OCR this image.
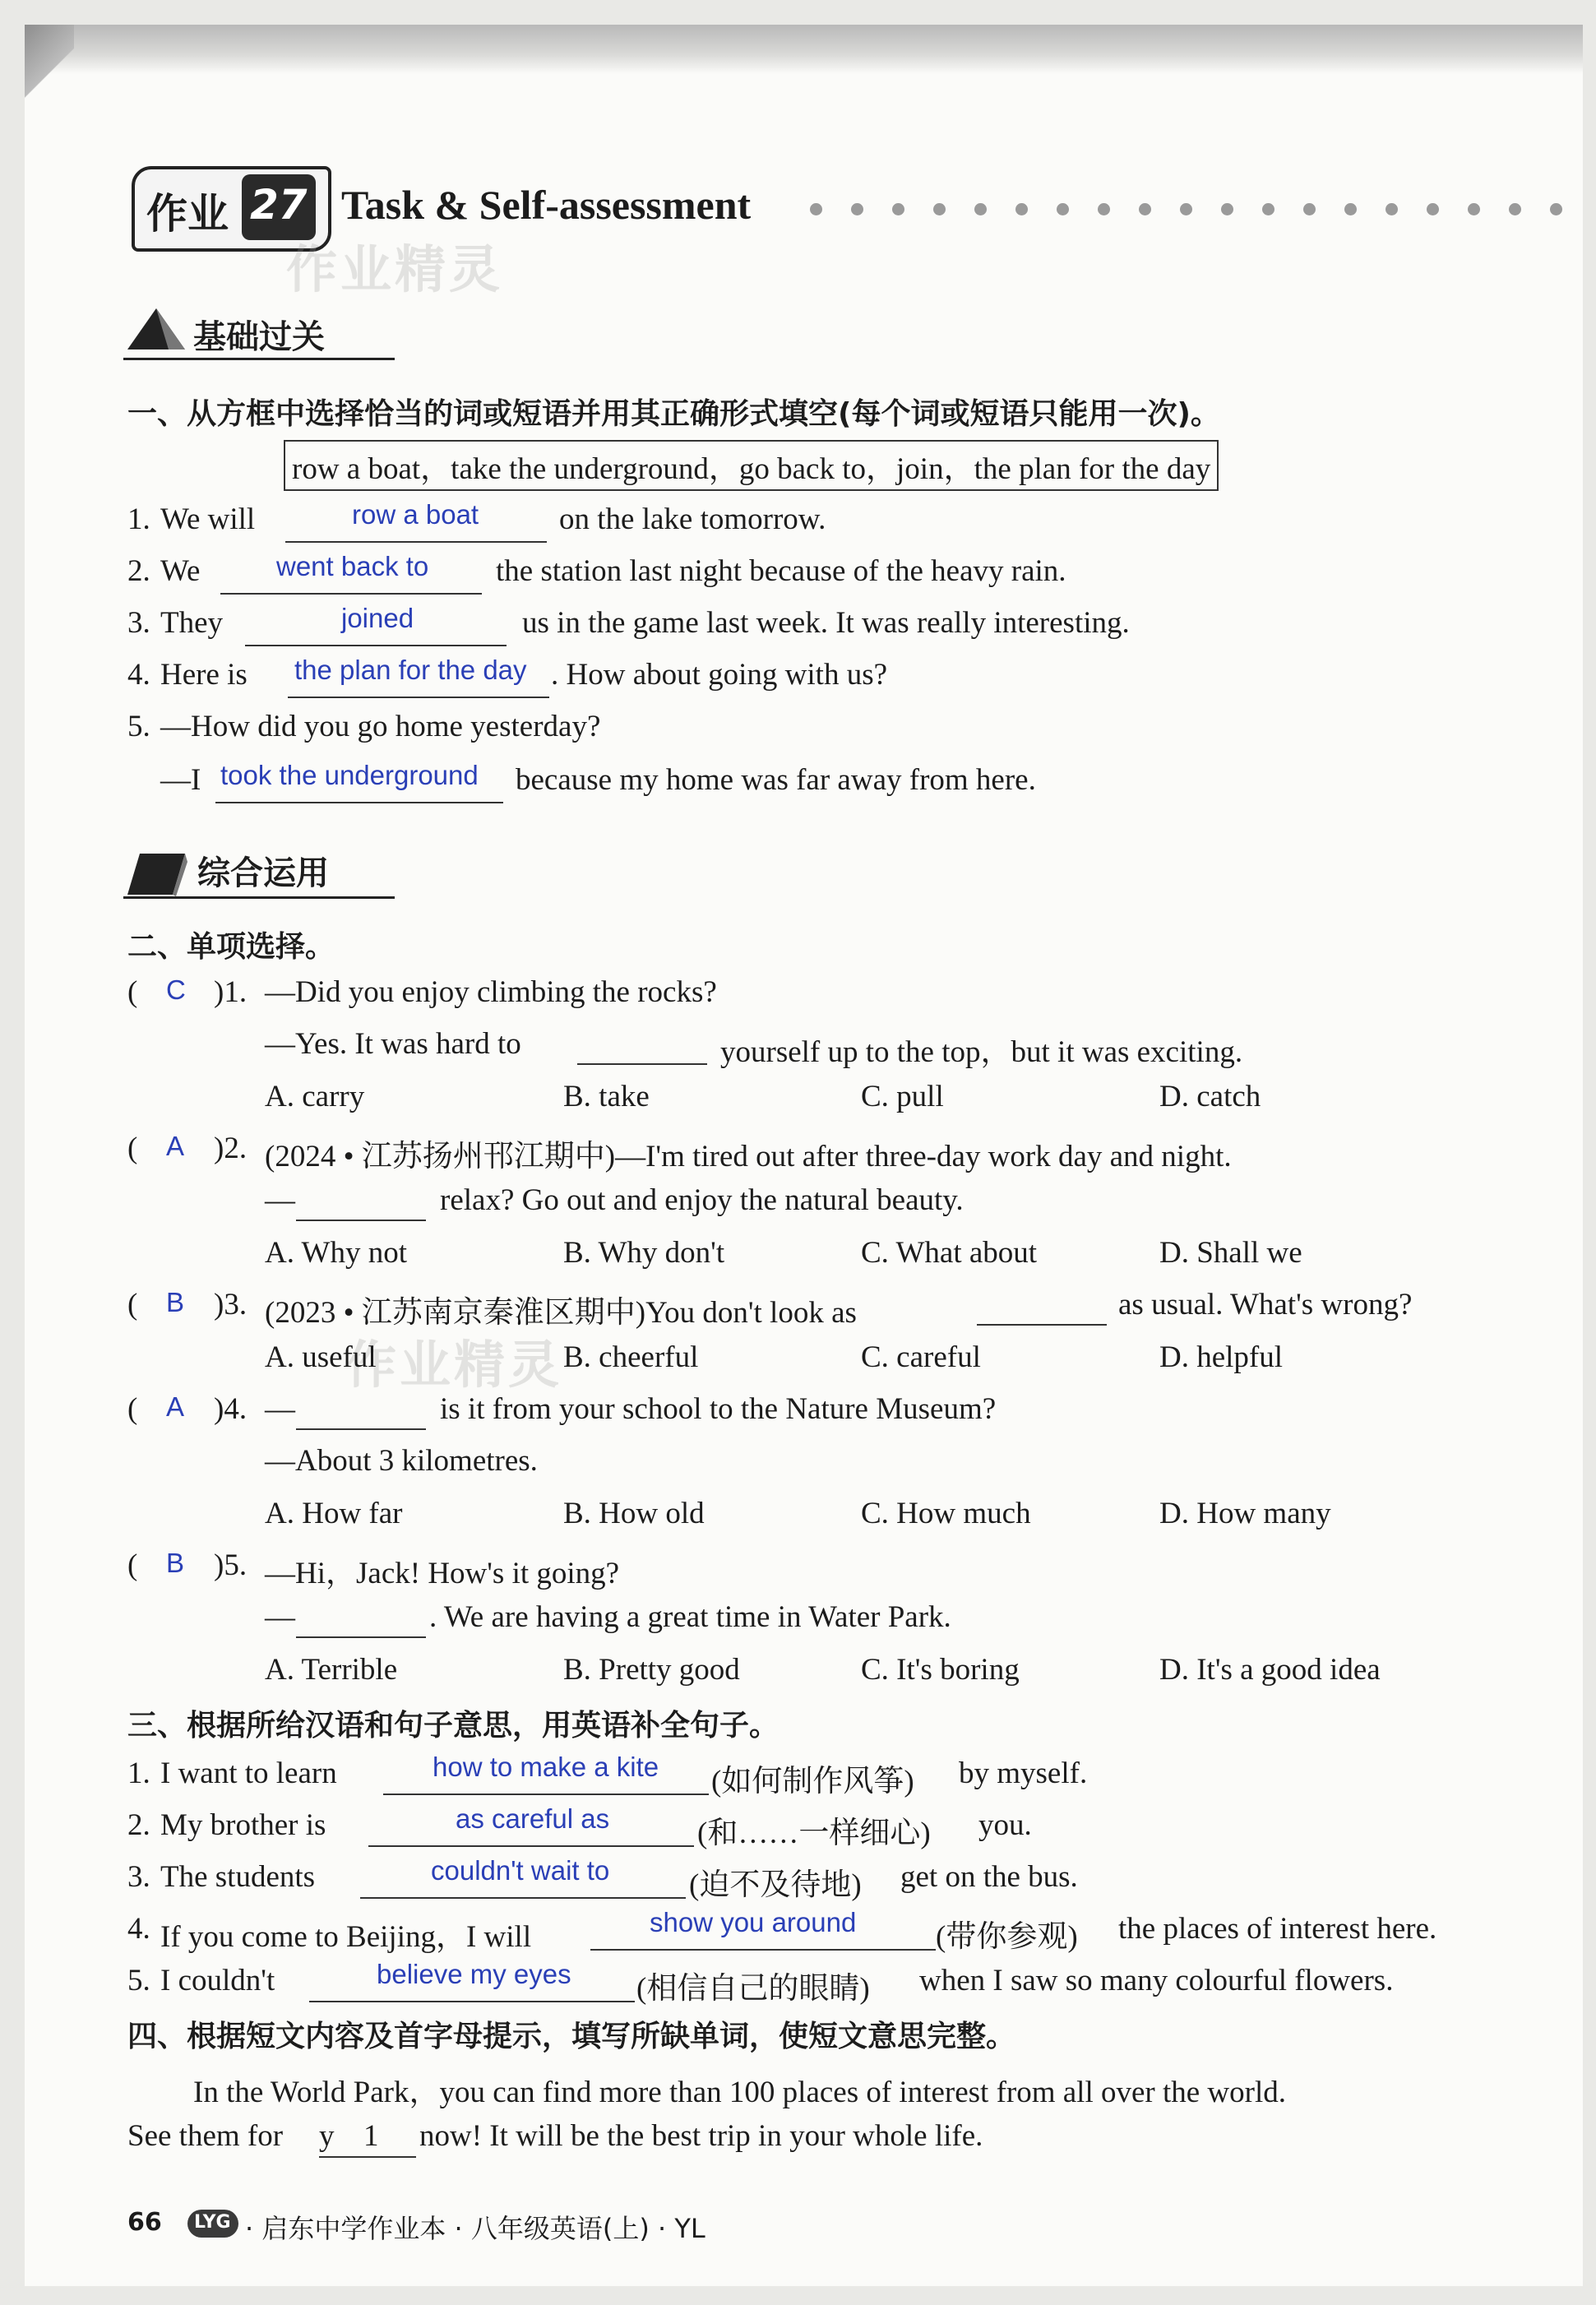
作业 27
作业精灵
Task & Self-assessment
基础过关
一、从方框中选择恰当的词或短语并用其正确形式填空(每个词或短语只能用一次)。
row a boat，take the underground，go back to，join，the plan for the day
1. We will	row a boat	on the lake tomorrow.
2. We	went back to the station last night because of the heavy rain.
3. They	joined	us in the game last week. It was really interesting.
4. Here is the plan for the day . How about going with us?
5. —How did you go home yesterday?
—I took the underground because my home was far away from here.
综合运用
二、单项选择。
( C )1. —Did you enjoy climbing the rocks?
—Yes. It was hard to	yourself up to the top，but it was exciting.
A. carry	B. take	C. pull	D. catch
( A )2. (2024 • 江苏扬州邗江期中)—I'm tired out after three-day work day and night.
—	relax? Go out and enjoy the natural beauty.
A. Why not	B. Why don't	C. What about	D. Shall we
( B )3. (2023 • 江苏南京秦淮区期中)You don't look as	as usual. What's wrong?
作业精灵
A. useful	B. cheerful	C. careful	D. helpful
( A )4. —	is it from your school to the Nature Museum?
—About 3 kilometres.
A. How far	B. How old	C. How much	D. How many
( B )5. —Hi，Jack! How's it going?
—	. We are having a great time in Water Park.
A. Terrible	B. Pretty good	C. It's boring	D. It's a good idea
三、根据所给汉语和句子意思，用英语补全句子。
1. I want to learn	how to make a kite (如何制作风筝) by myself.
2. My brother is	as careful as	(和……一样细心) you.
3. The students	couldn't wait to	(迫不及待地) get on the bus.
4. If you come to Beijing，I will	show you around	(带你参观) the places of interest here.
5. I couldn't	believe my eyes (相信自己的眼睛) when I saw so many colourful flowers.
四、根据短文内容及首字母提示，填写所缺单词，使短文意思完整。
In the World Park，you can find more than 100 places of interest from all over the world.
See them for y 1 now! It will be the best trip in your whole life.
66 LYG · 启东中学作业本 · 八年级英语(上) · YL
